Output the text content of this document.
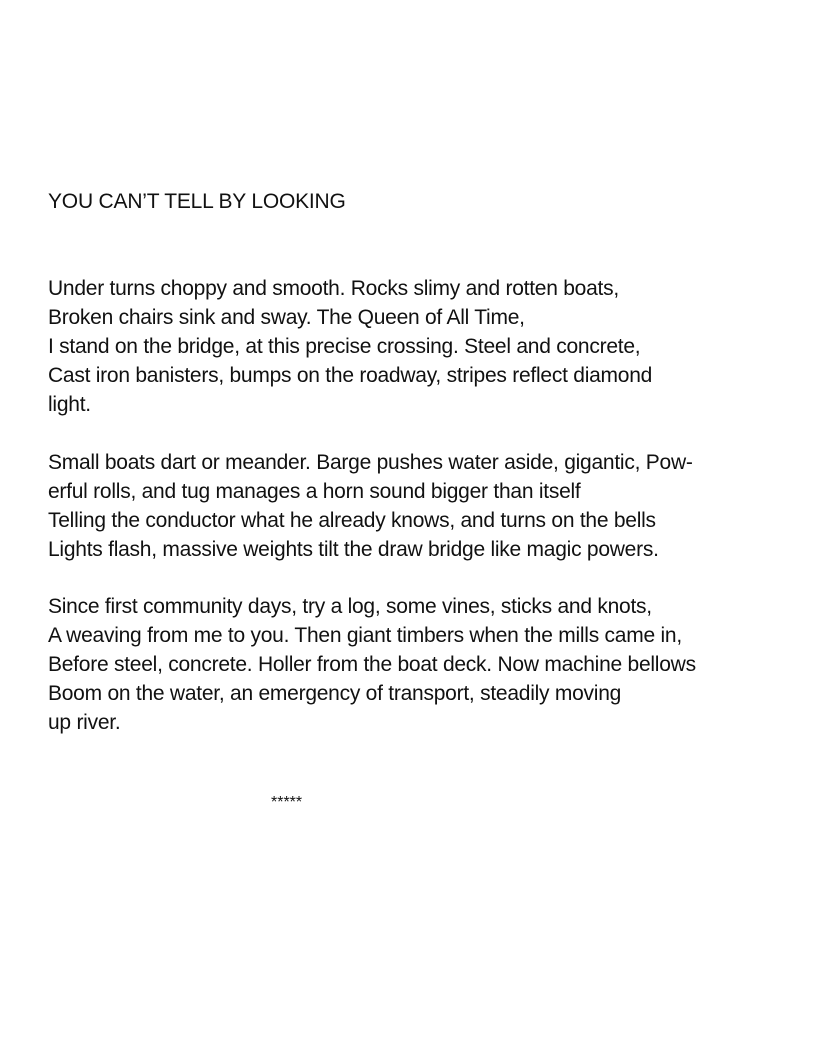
YOU CAN’T TELL BY LOOKING
Under turns choppy and smooth. Rocks slimy and rotten boats,
Broken chairs sink and sway. The Queen of All Time,
I stand on the bridge, at this precise crossing. Steel and concrete,
Cast iron banisters, bumps on the roadway, stripes reflect diamond
light.
Small boats dart or meander. Barge pushes water aside, gigantic, Pow-
erful rolls, and tug manages a horn sound bigger than itself
Telling the conductor what he already knows, and turns on the bells
Lights flash, massive weights tilt the draw bridge like magic powers.
Since first community days, try a log, some vines, sticks and knots,
A weaving from me to you. Then giant timbers when the mills came in,
Before steel, concrete. Holler from the boat deck. Now machine bellows
Boom on the water, an emergency of transport, steadily moving
up river.
*****
